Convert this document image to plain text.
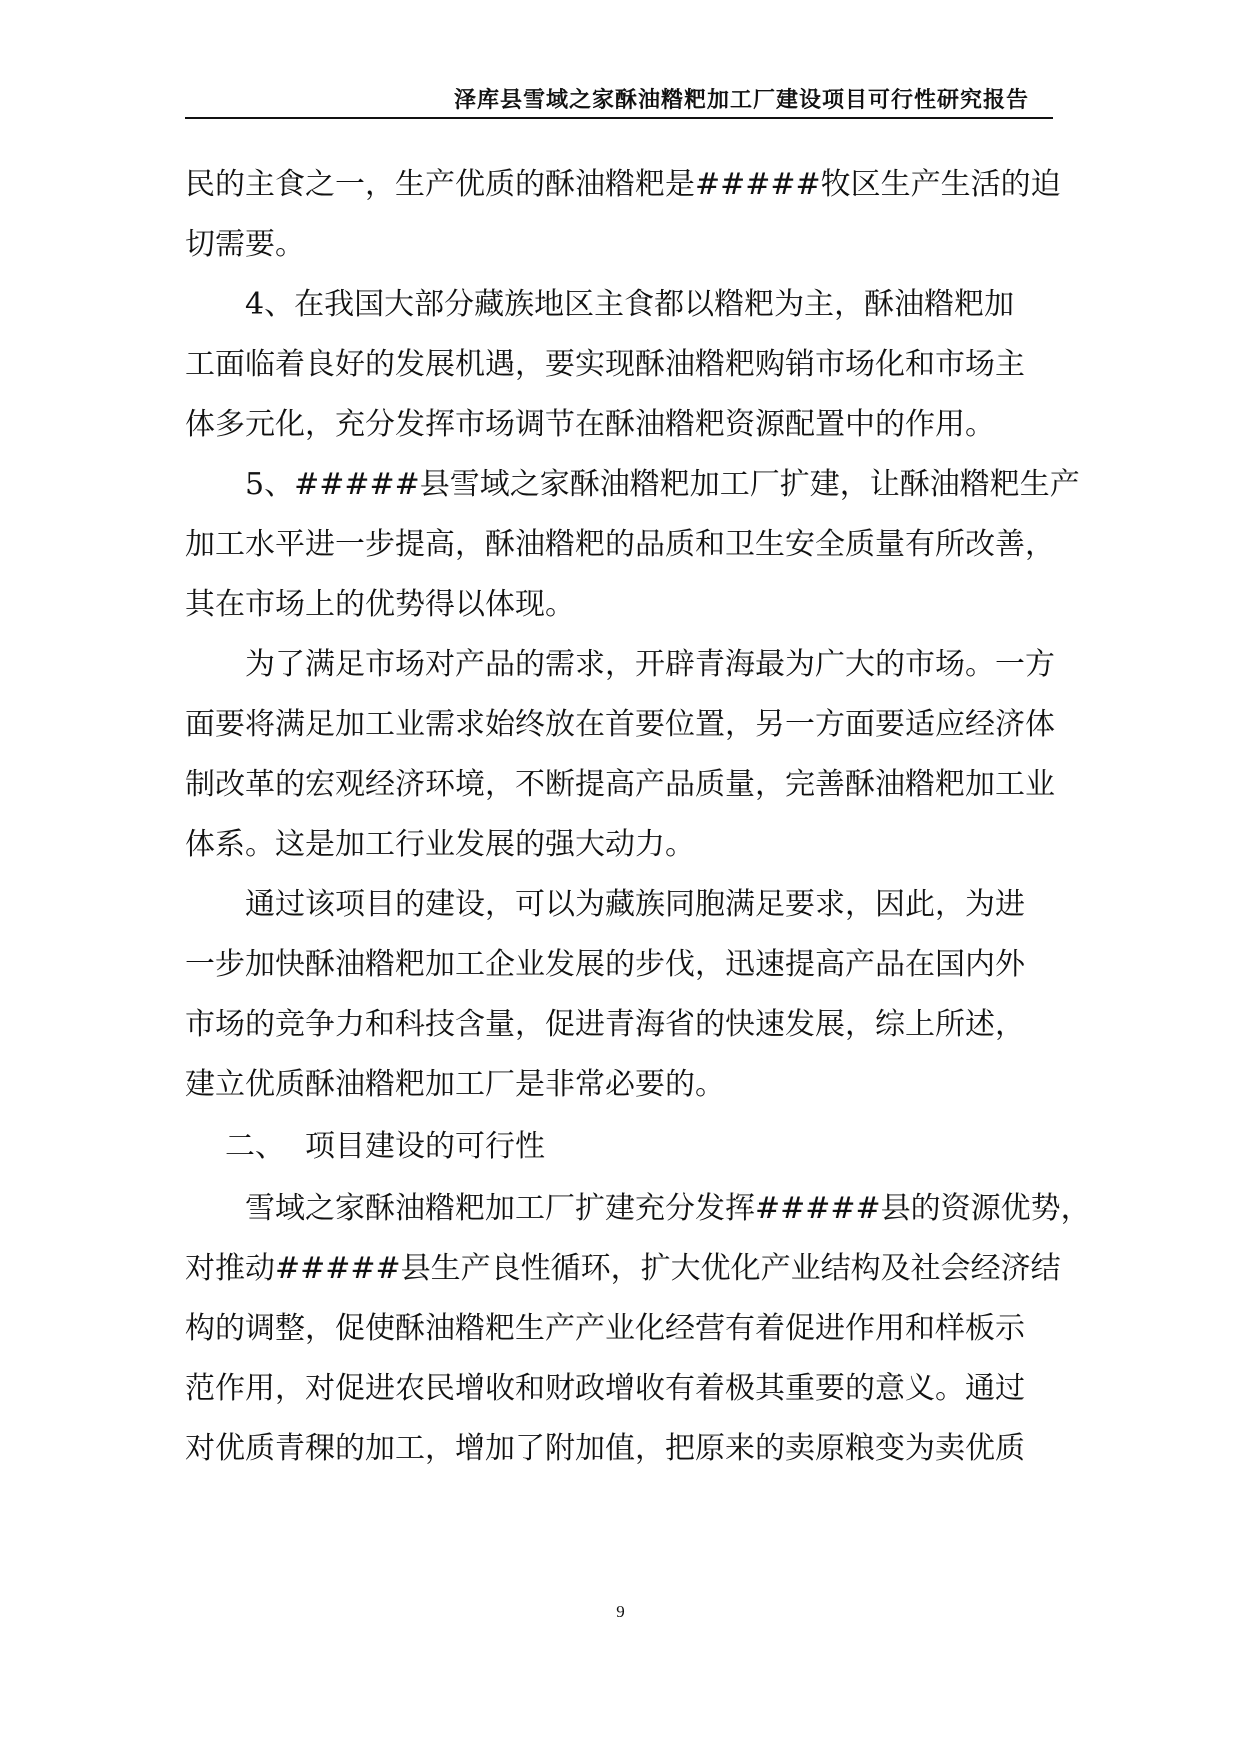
泽库县雪域之家酥油糌粑加工厂建设项目可行性研究报告
民的主食之一，生产优质的酥油糌粑是#####牧区生产生活的迫
切需要。
4、在我国大部分藏族地区主食都以糌粑为主，酥油糌粑加
工面临着良好的发展机遇，要实现酥油糌粑购销市场化和市场主
体多元化，充分发挥市场调节在酥油糌粑资源配置中的作用。
5、#####县雪域之家酥油糌粑加工厂扩建，让酥油糌粑生产
加工水平进一步提高，酥油糌粑的品质和卫生安全质量有所改善，
其在市场上的优势得以体现。
为了满足市场对产品的需求，开辟青海最为广大的市场。一方
面要将满足加工业需求始终放在首要位置，另一方面要适应经济体
制改革的宏观经济环境，不断提高产品质量，完善酥油糌粑加工业
体系。这是加工行业发展的强大动力。
通过该项目的建设，可以为藏族同胞满足要求，因此，为进
一步加快酥油糌粑加工企业发展的步伐，迅速提高产品在国内外
市场的竞争力和科技含量，促进青海省的快速发展，综上所述，
建立优质酥油糌粑加工厂是非常必要的。
二、 项目建设的可行性
雪域之家酥油糌粑加工厂扩建充分发挥#####县的资源优势，
对推动#####县生产良性循环，扩大优化产业结构及社会经济结
构的调整，促使酥油糌粑生产产业化经营有着促进作用和样板示
范作用，对促进农民增收和财政增收有着极其重要的意义。通过
对优质青稞的加工，增加了附加值，把原来的卖原粮变为卖优质
9
